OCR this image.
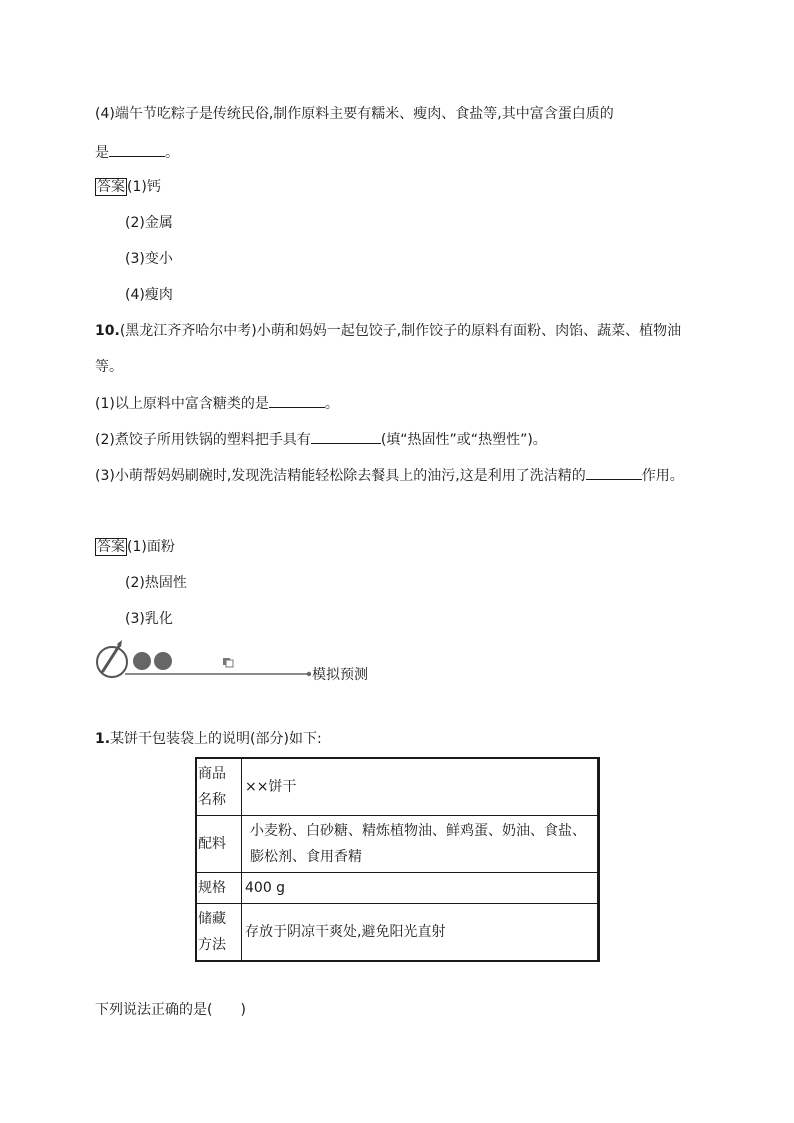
(4)端午节吃粽子是传统民俗,制作原料主要有糯米、瘦肉、食盐等,其中富含蛋白质的
是	。
答案 (1)钙
(2)金属
(3)变小
(4)瘦肉
10.(黑龙江齐齐哈尔中考)小萌和妈妈一起包饺子,制作饺子的原料有面粉、肉馅、蔬菜、植物油
等。
(1)以上原料中富含糖类的是	。
(2)煮饺子所用铁锅的塑料把手具有	(填“热固性”或“热塑性”)。
(3)小萌帮妈妈刷碗时,发现洗洁精能轻松除去餐具上的油污,这是利用了洗洁精的	作用。
答案 (1)面粉
(2)热固性
(3)乳化
模拟预测
1.某饼干包装袋上的说明(部分)如下:
商品名称	××饼干
配料	小麦粉、白砂糖、精炼植物油、鲜鸡蛋、奶油、食盐、膨松剂、食用香精
规格	400 g
储藏方法	存放于阴凉干爽处,避免阳光直射
下列说法正确的是(　　)
